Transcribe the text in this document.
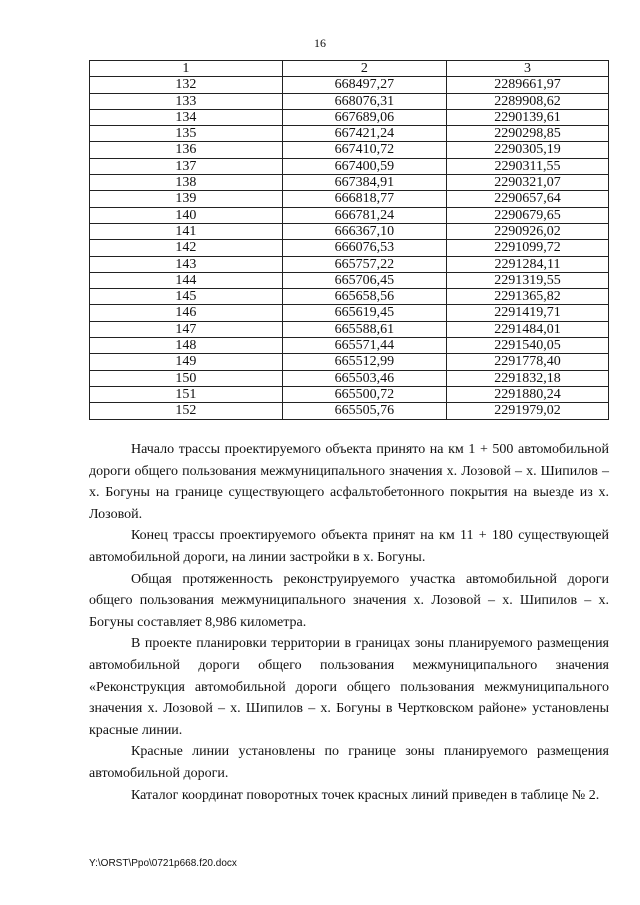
16
1	2	3
132	668497,27	2289661,97
133	668076,31	2289908,62
134	667689,06	2290139,61
135	667421,24	2290298,85
136	667410,72	2290305,19
137	667400,59	2290311,55
138	667384,91	2290321,07
139	666818,77	2290657,64
140	666781,24	2290679,65
141	666367,10	2290926,02
142	666076,53	2291099,72
143	665757,22	2291284,11
144	665706,45	2291319,55
145	665658,56	2291365,82
146	665619,45	2291419,71
147	665588,61	2291484,01
148	665571,44	2291540,05
149	665512,99	2291778,40
150	665503,46	2291832,18
151	665500,72	2291880,24
152	665505,76	2291979,02

Начало трассы проектируемого объекта принято на км 1 + 500 автомобильной дороги общего пользования межмуниципального значения х. Лозовой – х. Шипилов – х. Богуны на границе существующего асфальтобетонного покрытия на выезде из х. Лозовой.

Конец трассы проектируемого объекта принят на км 11 + 180 существующей автомобильной дороги, на линии застройки в х. Богуны.

Общая протяженность реконструируемого участка автомобильной дороги общего пользования межмуниципального значения х. Лозовой – х. Шипилов – х. Богуны составляет 8,986 километра.

В проекте планировки территории в границах зоны планируемого размещения автомобильной дороги общего пользования межмуниципального значения «Реконструкция автомобильной дороги общего пользования межмуниципального значения х. Лозовой – х. Шипилов – х. Богуны в Чертковском районе» установлены красные линии.

Красные линии установлены по границе зоны планируемого размещения автомобильной дороги.

Каталог координат поворотных точек красных линий приведен в таблице № 2.

Y:\ORST\Ppo\0721p668.f20.docx
